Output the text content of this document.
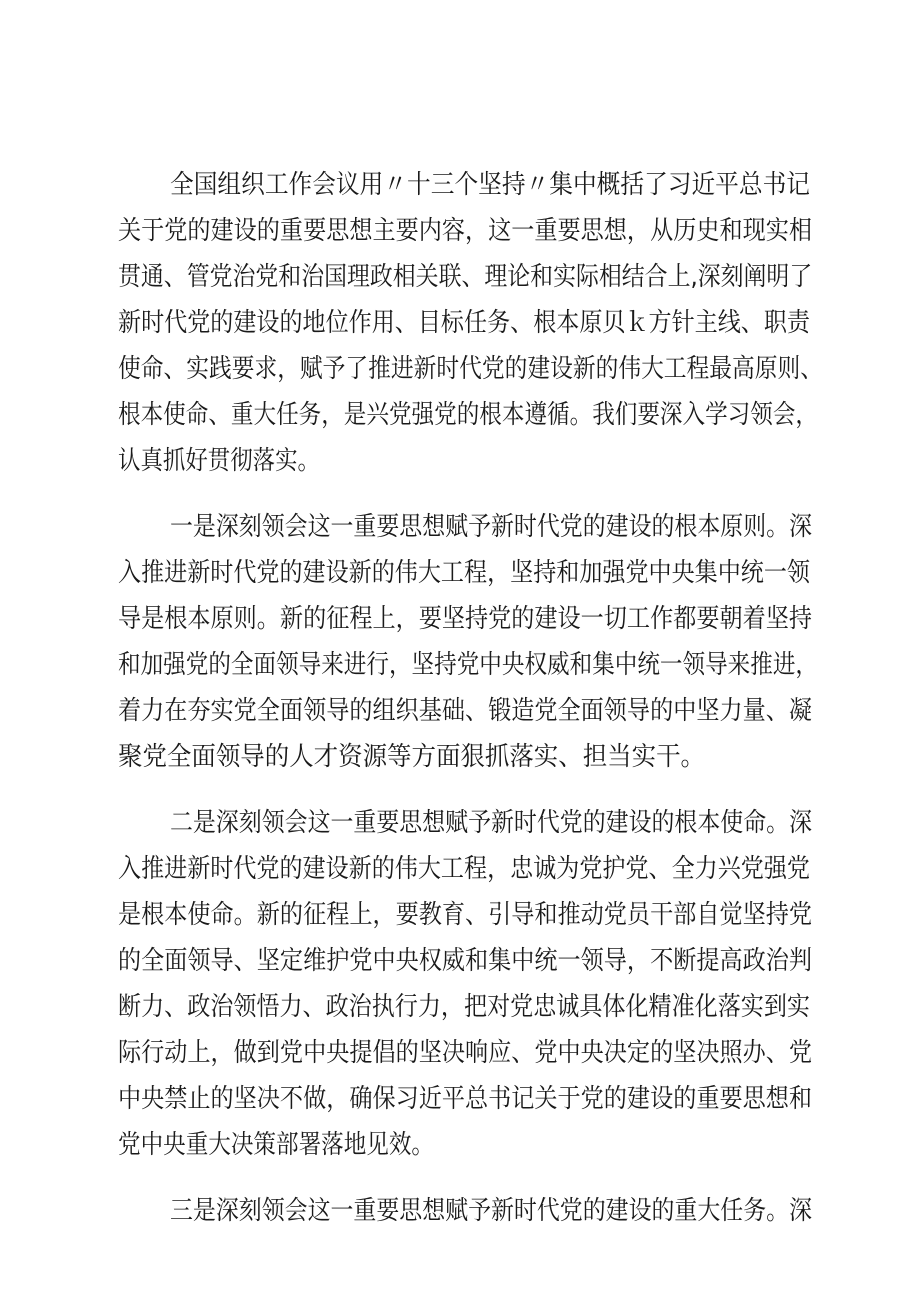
全国组织工作会议用〃十三个坚持〃集中概括了习近平总书记
关于党的建设的重要思想主要内容，这一重要思想，从历史和现实相
贯通、管党治党和治国理政相关联、理论和实际相结合上,深刻阐明了
新时代党的建设的地位作用、目标任务、根本原贝ｋ方针主线、职责
使命、实践要求，赋予了推进新时代党的建设新的伟大工程最高原则、
根本使命、重大任务，是兴党强党的根本遵循。我们要深入学习领会，
认真抓好贯彻落实。
一是深刻领会这一重要思想赋予新时代党的建设的根本原则。深
入推进新时代党的建设新的伟大工程，坚持和加强党中央集中统一领
导是根本原则。新的征程上，要坚持党的建设一切工作都要朝着坚持
和加强党的全面领导来进行，坚持党中央权威和集中统一领导来推进，
着力在夯实党全面领导的组织基础、锻造党全面领导的中坚力量、凝
聚党全面领导的人才资源等方面狠抓落实、担当实干。
二是深刻领会这一重要思想赋予新时代党的建设的根本使命。深
入推进新时代党的建设新的伟大工程，忠诚为党护党、全力兴党强党
是根本使命。新的征程上，要教育、引导和推动党员干部自觉坚持党
的全面领导、坚定维护党中央权威和集中统一领导，不断提高政治判
断力、政治领悟力、政治执行力，把对党忠诚具体化精准化落实到实
际行动上，做到党中央提倡的坚决响应、党中央决定的坚决照办、党
中央禁止的坚决不做，确保习近平总书记关于党的建设的重要思想和
党中央重大决策部署落地见效。
三是深刻领会这一重要思想赋予新时代党的建设的重大任务。深
